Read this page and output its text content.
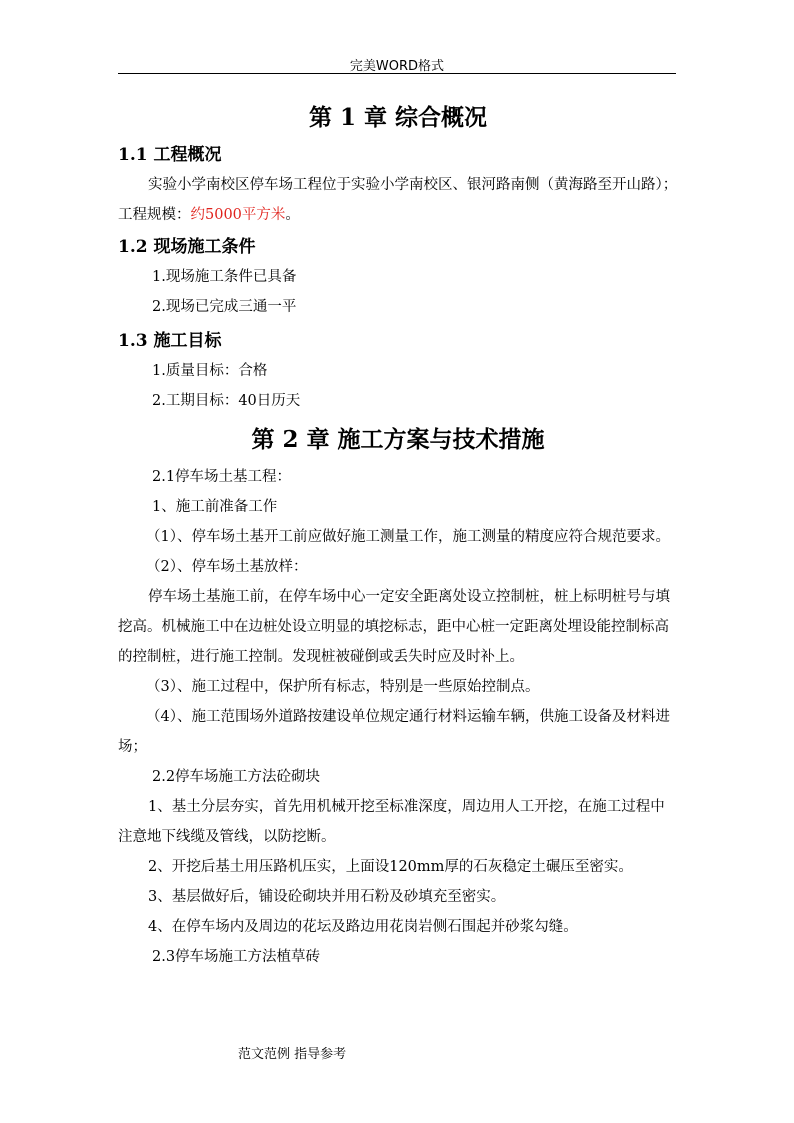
完美WORD格式
第 1 章 综合概况
1.1 工程概况

实验小学南校区停车场工程位于实验小学南校区、银河路南侧（黄海路至开山路）；工程规模：约5000平方米。

1.2 现场施工条件

1.现场施工条件已具备

2.现场已完成三通一平

1.3 施工目标

1.质量目标：合格

2.工期目标：40日历天

第 2 章 施工方案与技术措施

2.1停车场土基工程：

1、施工前准备工作

（1）、停车场土基开工前应做好施工测量工作，施工测量的精度应符合规范要求。

（2）、停车场土基放样：

停车场土基施工前，在停车场中心一定安全距离处设立控制桩，桩上标明桩号与填挖高。机械施工中在边桩处设立明显的填挖标志，距中心桩一定距离处埋设能控制标高的控制桩，进行施工控制。发现桩被碰倒或丢失时应及时补上。

（3）、施工过程中，保护所有标志，特别是一些原始控制点。

（4）、施工范围场外道路按建设单位规定通行材料运输车辆，供施工设备及材料进场；

2.2停车场施工方法砼砌块

1、基土分层夯实，首先用机械开挖至标准深度，周边用人工开挖，在施工过程中注意地下线缆及管线，以防挖断。

2、开挖后基土用压路机压实，上面设120mm厚的石灰稳定土碾压至密实。

3、基层做好后，铺设砼砌块并用石粉及砂填充至密实。

4、在停车场内及周边的花坛及路边用花岗岩侧石围起并砂浆勾缝。

2.3停车场施工方法植草砖

范文范例 指导参考
